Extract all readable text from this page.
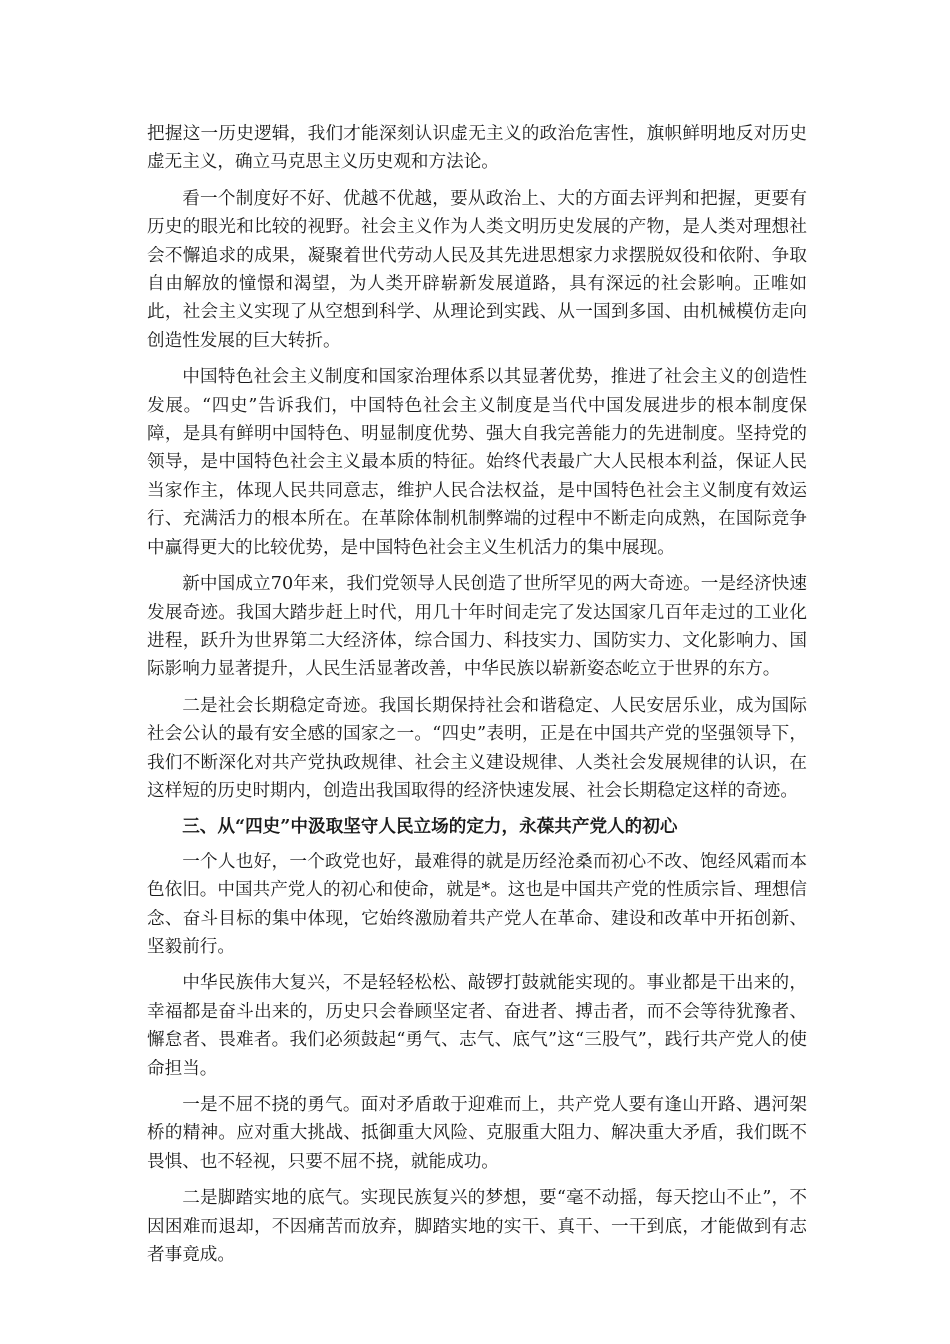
把握这一历史逻辑，我们才能深刻认识虚无主义的政治危害性，旗帜鲜明地反对历史虚无主义，确立马克思主义历史观和方法论。

看一个制度好不好、优越不优越，要从政治上、大的方面去评判和把握，更要有历史的眼光和比较的视野。社会主义作为人类文明历史发展的产物，是人类对理想社会不懈追求的成果，凝聚着世代劳动人民及其先进思想家力求摆脱奴役和依附、争取自由解放的憧憬和渴望，为人类开辟崭新发展道路，具有深远的社会影响。正唯如此，社会主义实现了从空想到科学、从理论到实践、从一国到多国、由机械模仿走向创造性发展的巨大转折。

中国特色社会主义制度和国家治理体系以其显著优势，推进了社会主义的创造性发展。“四史”告诉我们，中国特色社会主义制度是当代中国发展进步的根本制度保障，是具有鲜明中国特色、明显制度优势、强大自我完善能力的先进制度。坚持党的领导，是中国特色社会主义最本质的特征。始终代表最广大人民根本利益，保证人民当家作主，体现人民共同意志，维护人民合法权益，是中国特色社会主义制度有效运行、充满活力的根本所在。在革除体制机制弊端的过程中不断走向成熟，在国际竞争中赢得更大的比较优势，是中国特色社会主义生机活力的集中展现。

新中国成立70年来，我们党领导人民创造了世所罕见的两大奇迹。一是经济快速发展奇迹。我国大踏步赶上时代，用几十年时间走完了发达国家几百年走过的工业化进程，跃升为世界第二大经济体，综合国力、科技实力、国防实力、文化影响力、国际影响力显著提升，人民生活显著改善，中华民族以崭新姿态屹立于世界的东方。

二是社会长期稳定奇迹。我国长期保持社会和谐稳定、人民安居乐业，成为国际社会公认的最有安全感的国家之一。“四史”表明，正是在中国共产党的坚强领导下，我们不断深化对共产党执政规律、社会主义建设规律、人类社会发展规律的认识，在这样短的历史时期内，创造出我国取得的经济快速发展、社会长期稳定这样的奇迹。

三、从“四史”中汲取坚守人民立场的定力，永葆共产党人的初心

一个人也好，一个政党也好，最难得的就是历经沧桑而初心不改、饱经风霜而本色依旧。中国共产党人的初心和使命，就是*。这也是中国共产党的性质宗旨、理想信念、奋斗目标的集中体现，它始终激励着共产党人在革命、建设和改革中开拓创新、坚毅前行。

中华民族伟大复兴，不是轻轻松松、敲锣打鼓就能实现的。事业都是干出来的，幸福都是奋斗出来的，历史只会眷顾坚定者、奋进者、搏击者，而不会等待犹豫者、懈怠者、畏难者。我们必须鼓起“勇气、志气、底气”这“三股气”，践行共产党人的使命担当。

一是不屈不挠的勇气。面对矛盾敢于迎难而上，共产党人要有逢山开路、遇河架桥的精神。应对重大挑战、抵御重大风险、克服重大阻力、解决重大矛盾，我们既不畏惧、也不轻视，只要不屈不挠，就能成功。

二是脚踏实地的底气。实现民族复兴的梦想，要“毫不动摇，每天挖山不止”，不因困难而退却，不因痛苦而放弃，脚踏实地的实干、真干、一干到底，才能做到有志者事竟成。
